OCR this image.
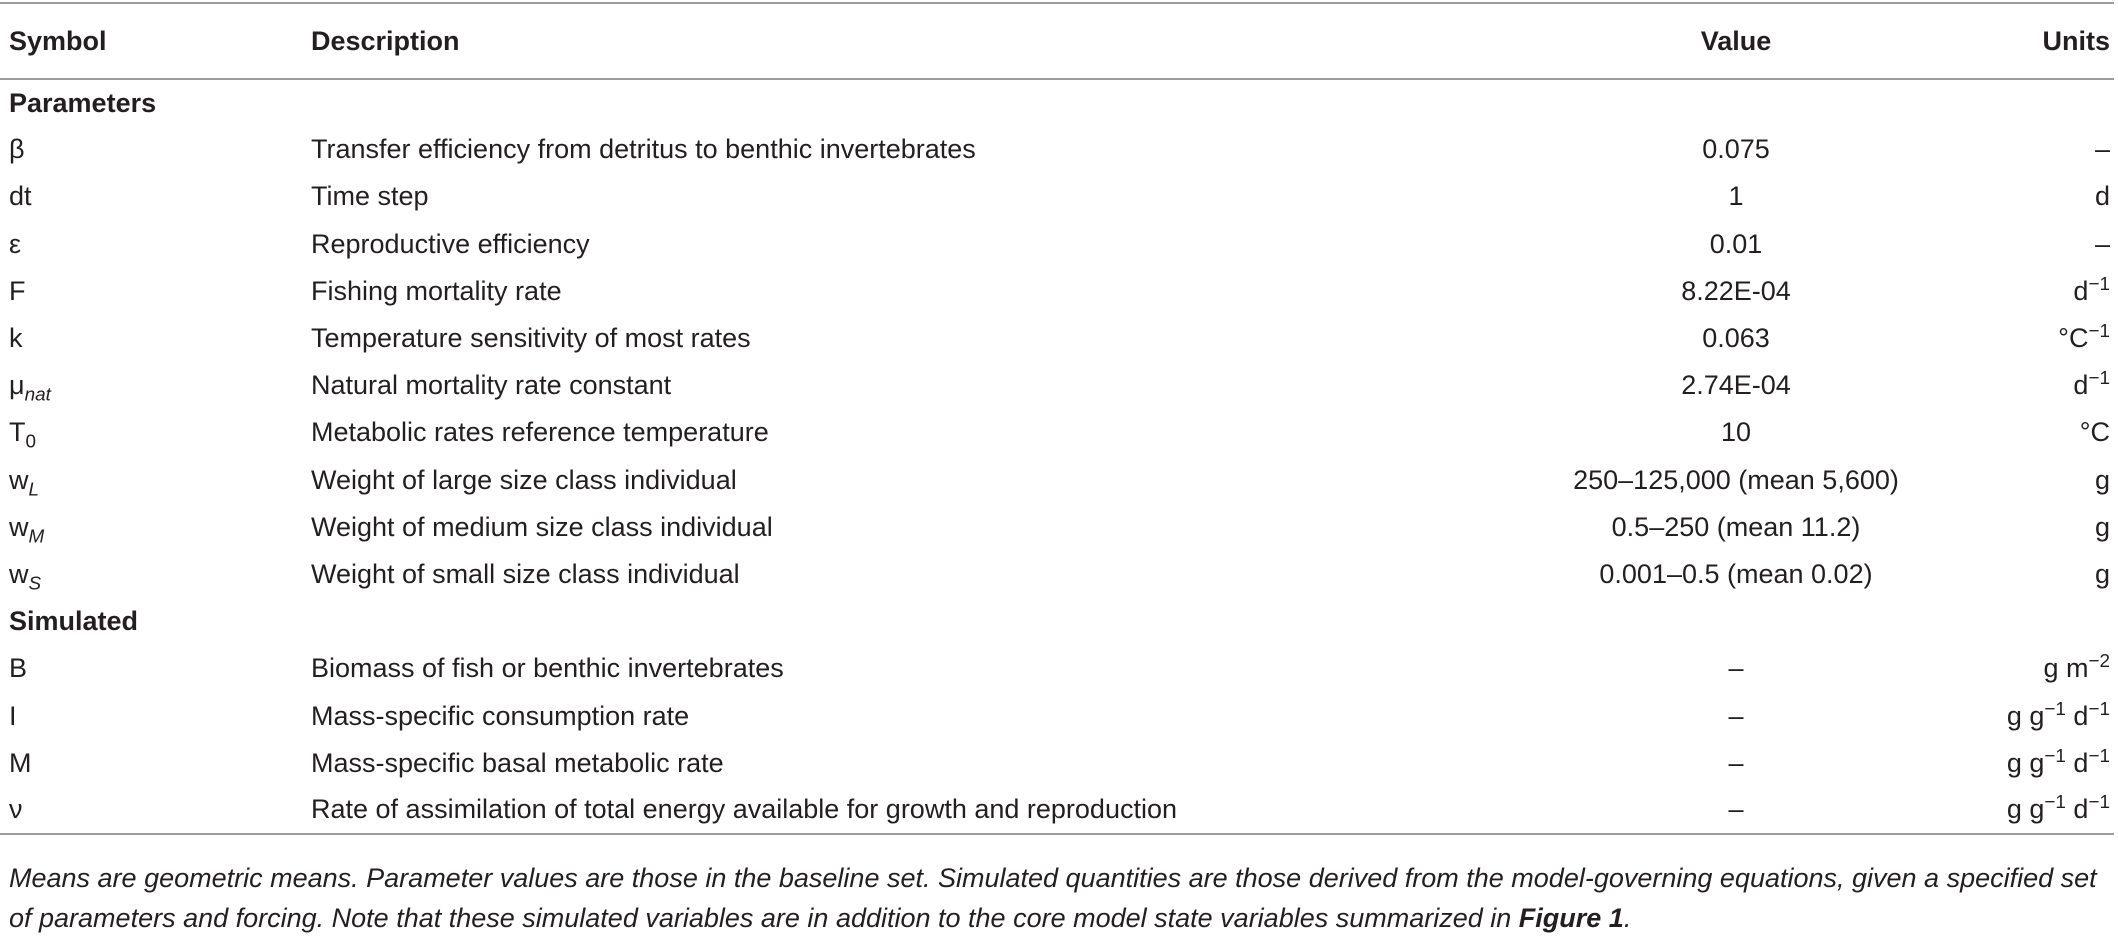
Symbol	Description	Value	Units
Parameters			
β	Transfer efficiency from detritus to benthic invertebrates	0.075	–
dt	Time step	1	d
ε	Reproductive efficiency	0.01	–
F	Fishing mortality rate	8.22E-04	$d^{-1}$
k	Temperature sensitivity of most rates	0.063	$^\circ C^{-1}$
$\mu_{nat}$	Natural mortality rate constant	2.74E-04	$d^{-1}$
$T_0$	Metabolic rates reference temperature	10	°C
$w_L$	Weight of large size class individual	250–125,000 (mean 5,600)	g
$w_M$	Weight of medium size class individual	0.5–250 (mean 11.2)	g
$w_S$	Weight of small size class individual	0.001–0.5 (mean 0.02)	g
Simulated			
B	Biomass of fish or benthic invertebrates	–	g $m^{-2}$
I	Mass-specific consumption rate	–	g $g^{-1}$ $d^{-1}$
M	Mass-specific basal metabolic rate	–	g $g^{-1}$ $d^{-1}$
ν	Rate of assimilation of total energy available for growth and reproduction	–	g $g^{-1}$ $d^{-1}$
Means are geometric means. Parameter values are those in the baseline set. Simulated quantities are those derived from the model-governing equations, given a specified set of parameters and forcing. Note that these simulated variables are in addition to the core model state variables summarized in Figure 1.
